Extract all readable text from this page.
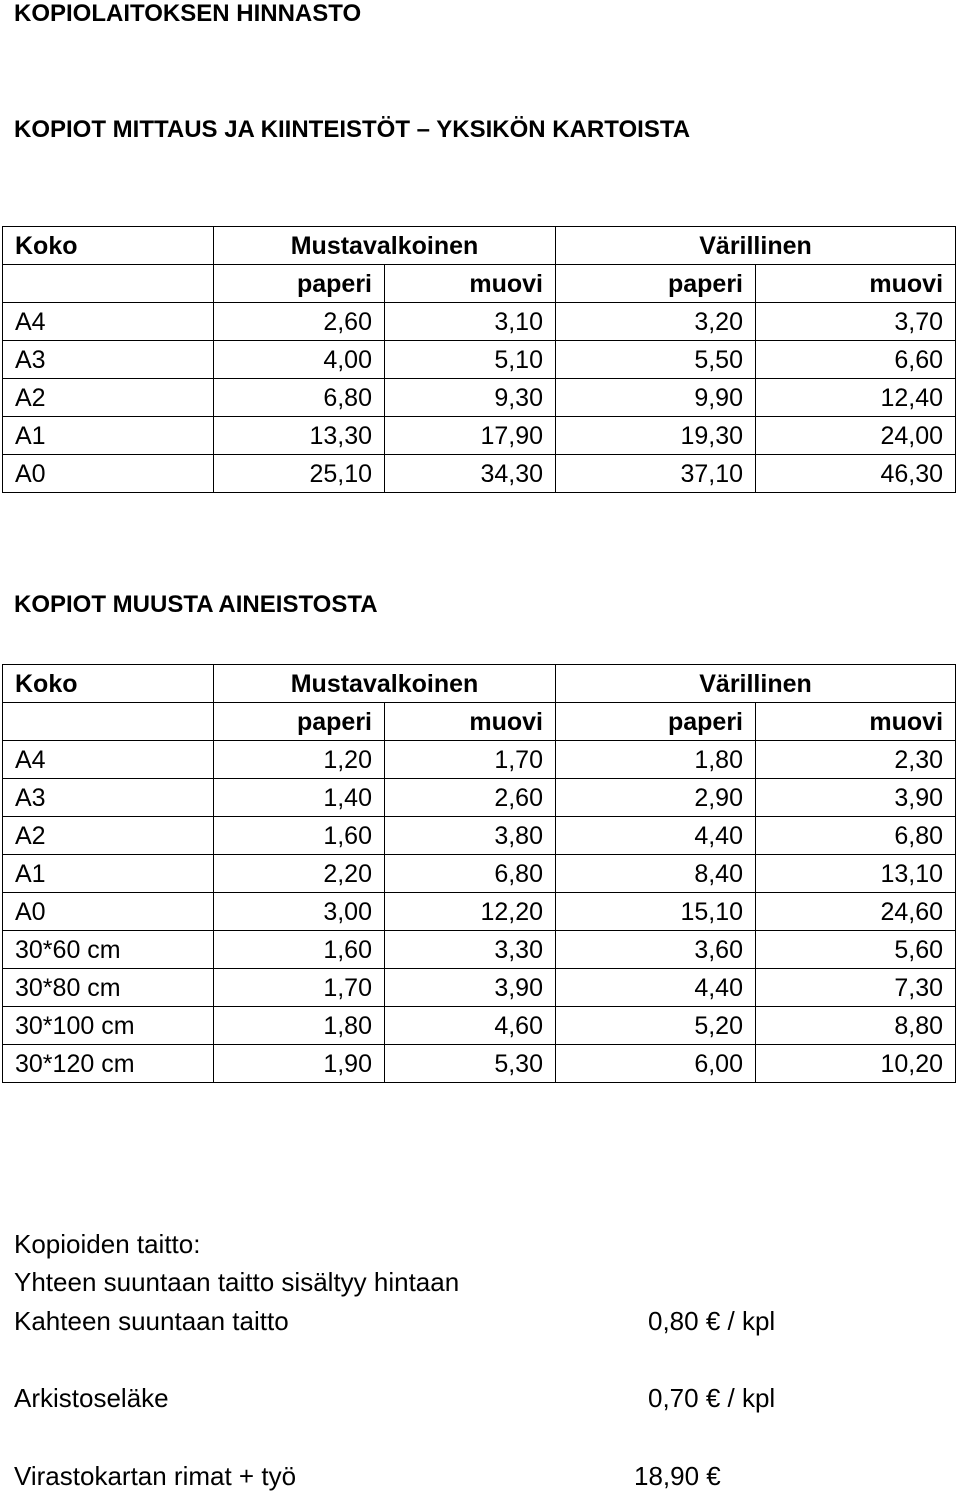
KOPIOLAITOKSEN HINNASTO
KOPIOT MITTAUS JA KIINTEISTÖT – YKSIKÖN KARTOISTA
Koko	Mustavalkoinen		Värillinen	
	paperi	muovi	paperi	muovi
A4	2,60	3,10	3,20	3,70
A3	4,00	5,10	5,50	6,60
A2	6,80	9,30	9,90	12,40
A1	13,30	17,90	19,30	24,00
A0	25,10	34,30	37,10	46,30
KOPIOT MUUSTA AINEISTOSTA
Koko	Mustavalkoinen		Värillinen	
	paperi	muovi	paperi	muovi
A4	1,20	1,70	1,80	2,30
A3	1,40	2,60	2,90	3,90
A2	1,60	3,80	4,40	6,80
A1	2,20	6,80	8,40	13,10
A0	3,00	12,20	15,10	24,60
30*60 cm	1,60	3,30	3,60	5,60
30*80 cm	1,70	3,90	4,40	7,30
30*100 cm	1,80	4,60	5,20	8,80
30*120 cm	1,90	5,30	6,00	10,20
Kopioiden taitto:
Yhteen suuntaan taitto sisältyy hintaan
Kahteen suuntaan taitto	0,80 € / kpl
Arkistoseläke	0,70 € / kpl
Virastokartan rimat + työ	18,90 €
